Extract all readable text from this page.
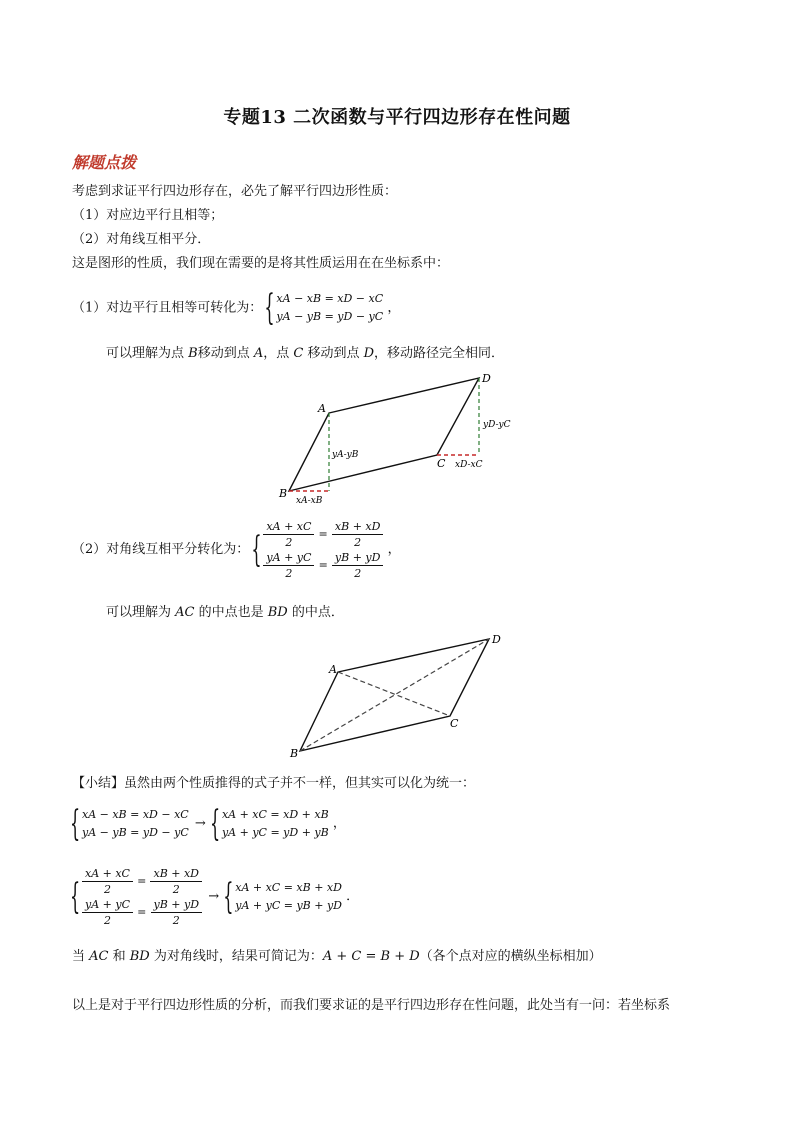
专题13 二次函数与平行四边形存在性问题
解题点拨
考虑到求证平行四边形存在，必先了解平行四边形性质：
（1）对应边平行且相等；
（2）对角线互相平分．
这是图形的性质，我们现在需要的是将其性质运用在在坐标系中：
（1）对边平行且相等可转化为：
{ xA − xB = xD − xC
yA − yB = yD − yC
，
可以理解为点 B移动到点 A，点 C 移动到点 D，移动路径完全相同．
A
B
C
D
yA-yB
xA-xB
yD-yC
xD-xC
（2）对角线互相平分转化为：
{ $\frac{xA + xC}{2} = \frac{xB + xD}{2}$
$\frac{yA + yC}{2} = \frac{yB + yD}{2}$
，
可以理解为 AC 的中点也是 BD 的中点．
A
B
C
D
【小结】虽然由两个性质推得的式子并不一样，但其实可以化为统一：
{ xA − xB = xD − xC
yA − yB = yD − yC
→
{ xA + xC = xD + xB
yA + yC = yD + yB
，
{ $\frac{xA + xC}{2} = \frac{xB + xD}{2}$
$\frac{yA + yC}{2} = \frac{yB + yD}{2}$
→
{ xA + xC = xB + xD
yA + yC = yB + yD
．
当 AC 和 BD 为对角线时，结果可简记为：A + C = B + D（各个点对应的横纵坐标相加）
以上是对于平行四边形性质的分析，而我们要求证的是平行四边形存在性问题，此处当有一问：若坐标系
